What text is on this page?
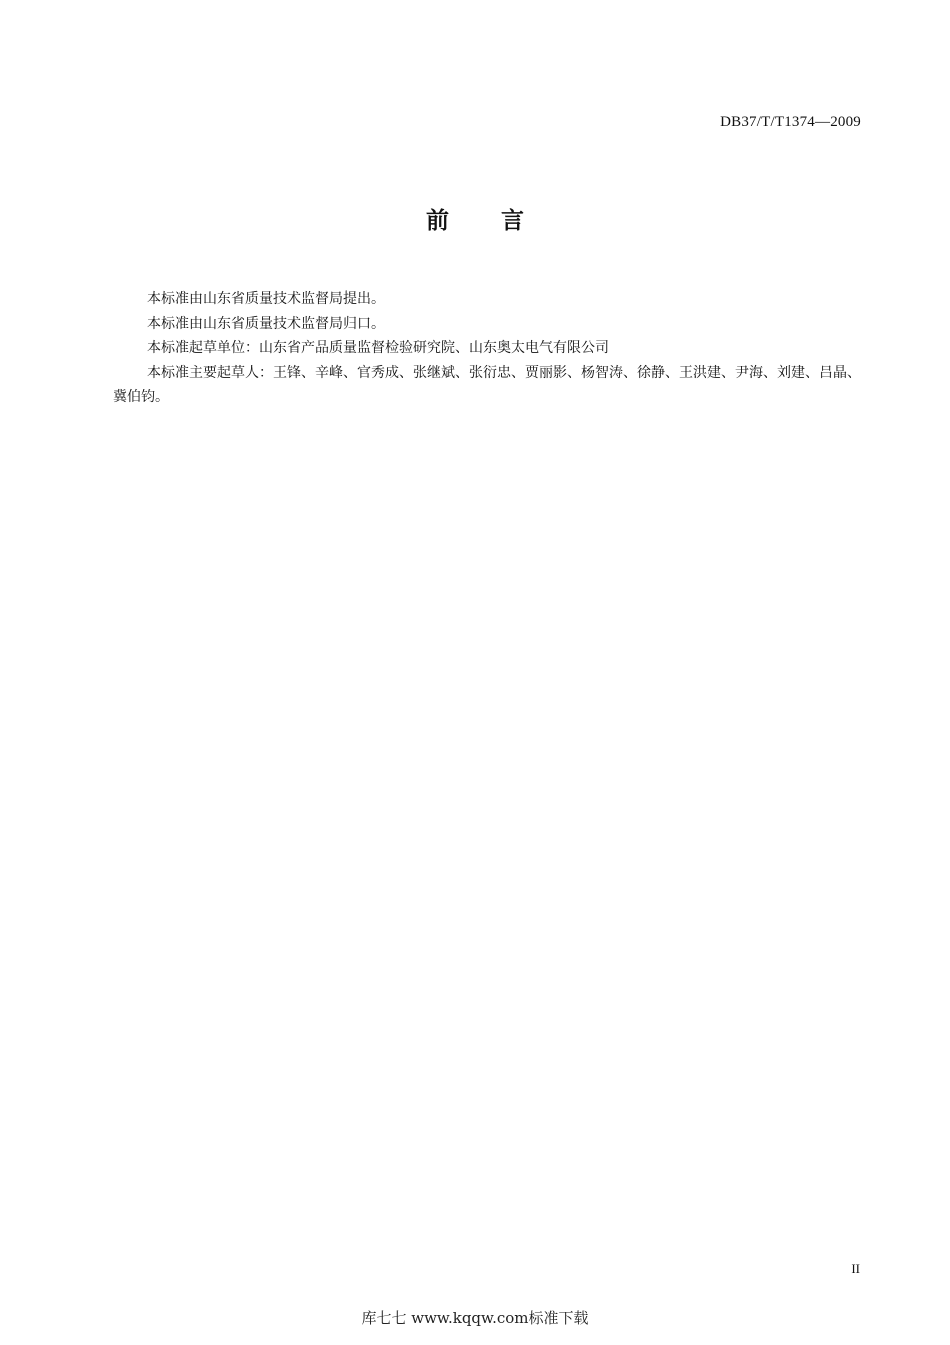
DB37/T/T1374—2009
前 言

本标准由山东省质量技术监督局提出。

本标准由山东省质量技术监督局归口。

本标准起草单位：山东省产品质量监督检验研究院、山东奥太电气有限公司

本标准主要起草人：王锋、辛峰、官秀成、张继斌、张衍忠、贾丽影、杨智涛、徐静、王洪建、尹海、刘建、吕晶、冀伯钧。

II
库七七 www.kqqw.com标准下载
